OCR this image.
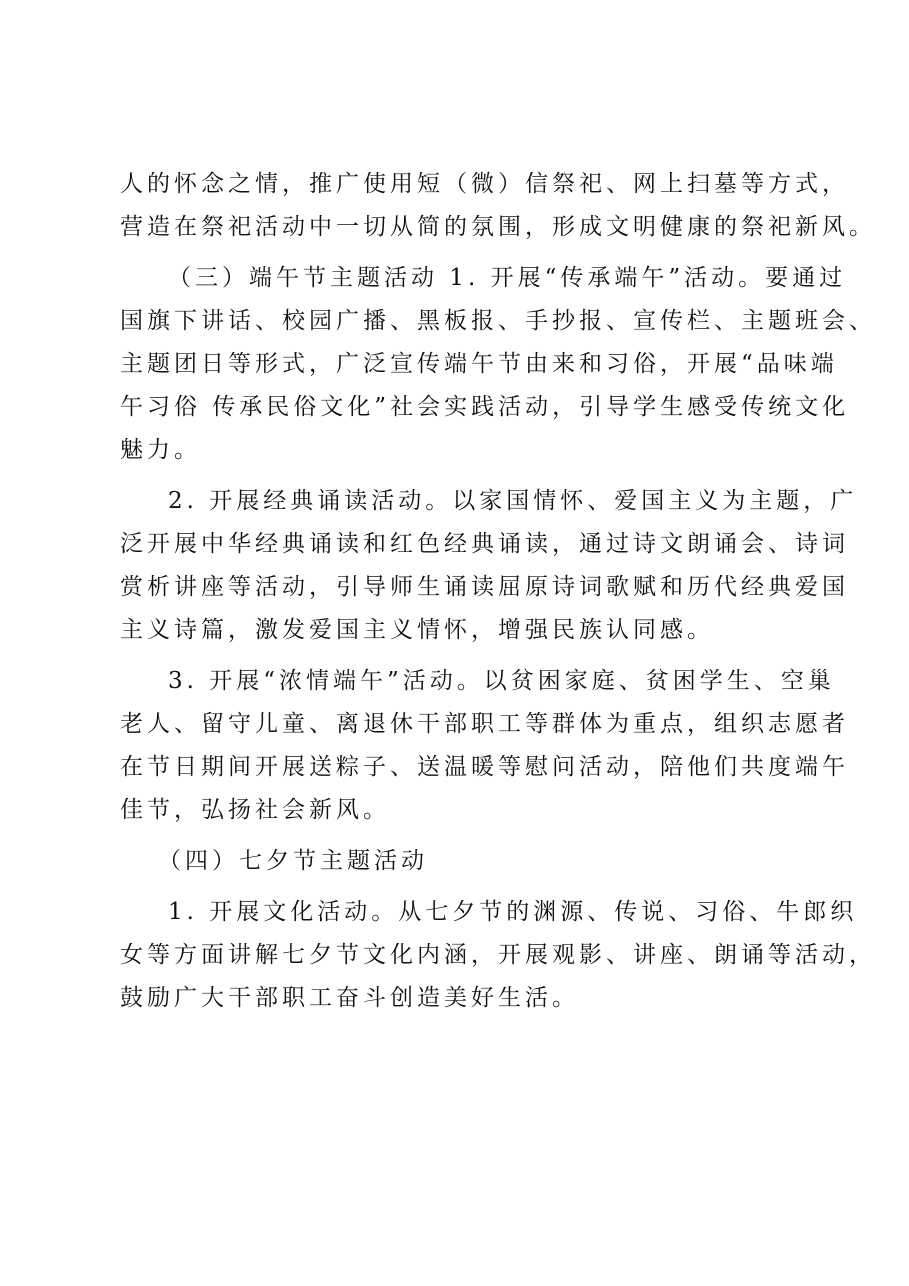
人的怀念之情，推广使用短（微）信祭祀、网上扫墓等方式，
营造在祭祀活动中一切从简的氛围，形成文明健康的祭祀新风。
（三）端午节主题活动 1. 开展“传承端午”活动。要通过
国旗下讲话、校园广播、黑板报、手抄报、宣传栏、主题班会、
主题团日等形式，广泛宣传端午节由来和习俗，开展“品味端
午习俗 传承民俗文化”社会实践活动，引导学生感受传统文化
魅力。
2. 开展经典诵读活动。以家国情怀、爱国主义为主题，广
泛开展中华经典诵读和红色经典诵读，通过诗文朗诵会、诗词
赏析讲座等活动，引导师生诵读屈原诗词歌赋和历代经典爱国
主义诗篇，激发爱国主义情怀，增强民族认同感。
3. 开展“浓情端午”活动。以贫困家庭、贫困学生、空巢
老人、留守儿童、离退休干部职工等群体为重点，组织志愿者
在节日期间开展送粽子、送温暖等慰问活动，陪他们共度端午
佳节，弘扬社会新风。
（四）七夕节主题活动
1. 开展文化活动。从七夕节的渊源、传说、习俗、牛郎织
女等方面讲解七夕节文化内涵，开展观影、讲座、朗诵等活动，
鼓励广大干部职工奋斗创造美好生活。
